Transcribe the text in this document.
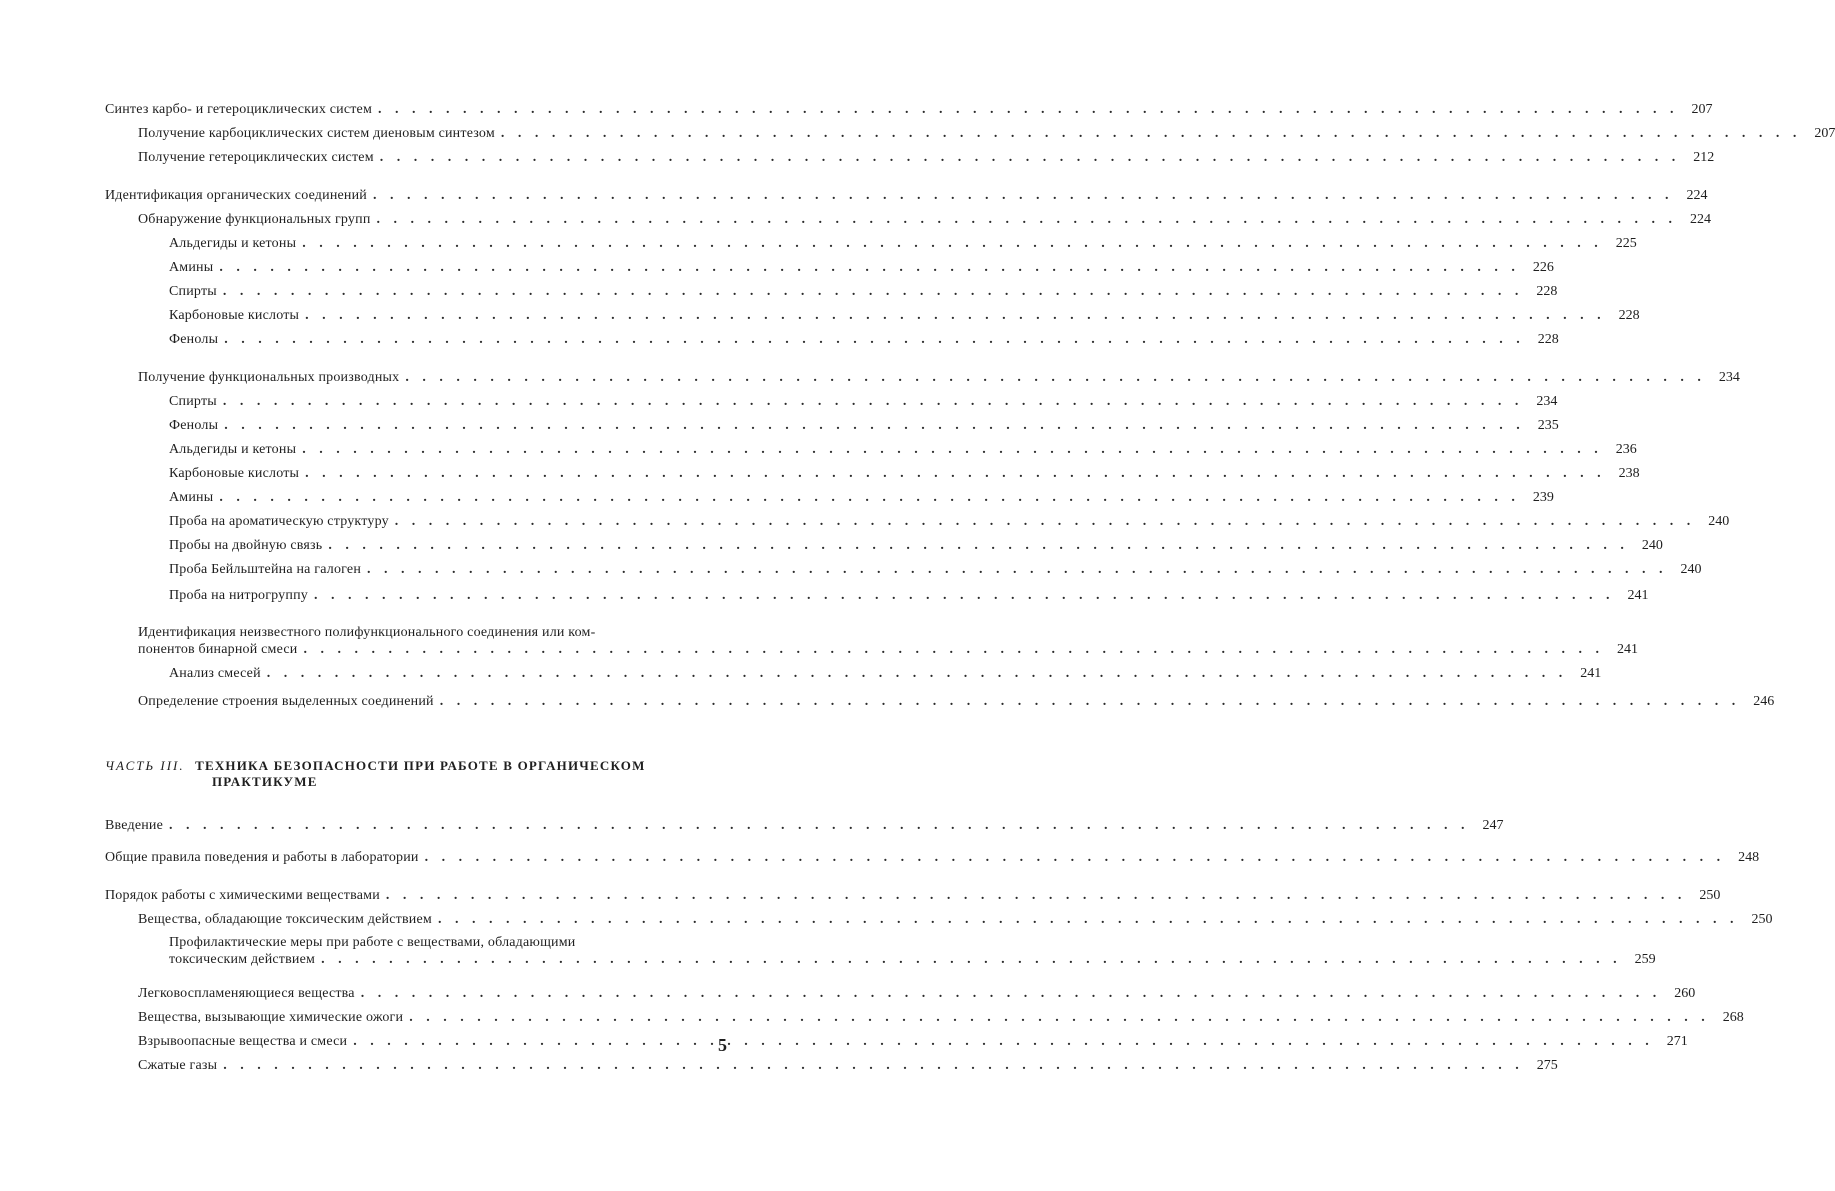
Синтез карбо- и гетероциклических систем . . .	207
Получение карбоциклических систем диеновым синтезом . . .	207
Получение гетероциклических систем . . .	212
Идентификация органических соединений . . .	224
Обнаружение функциональных групп . . .	224
Альдегиды и кетоны . . .	225
Амины . . .	226
Спирты . . .	228
Карбоновые кислоты . . .	228
Фенолы . . .	228
Получение функциональных производных . . .	234
Спирты . . .	234
Фенолы . . .	235
Альдегиды и кетоны . . .	236
Карбоновые кислоты . . .	238
Амины . . .	239
Проба на ароматическую структуру . . .	240
Пробы на двойную связь . . .	240
Проба Бейльштейна на галоген . . .	240
Проба на нитрогруппу . . .	241
Идентификация неизвестного полифункционального соединения или ком-
понентов бинарной смеси . . .	241
Анализ смесей . . .	241
Определение строения выделенных соединений . . .	246
ЧАСТЬ III. ТЕХНИКА БЕЗОПАСНОСТИ ПРИ РАБОТЕ В ОРГАНИЧЕСКОМ
ПРАКТИКУМЕ
Введение . . .	247
Общие правила поведения и работы в лаборатории . . .	248
Порядок работы с химическими веществами . . .	250
Вещества, обладающие токсическим действием . . .	250
Профилактические меры при работе с веществами, обладающими
токсическим действием . . .	259
Легковоспламеняющиеся вещества . . .	260
Вещества, вызывающие химические ожоги . . .	268
Взрывоопасные вещества и смеси . . .	271
Сжатые газы . . .	275
5
